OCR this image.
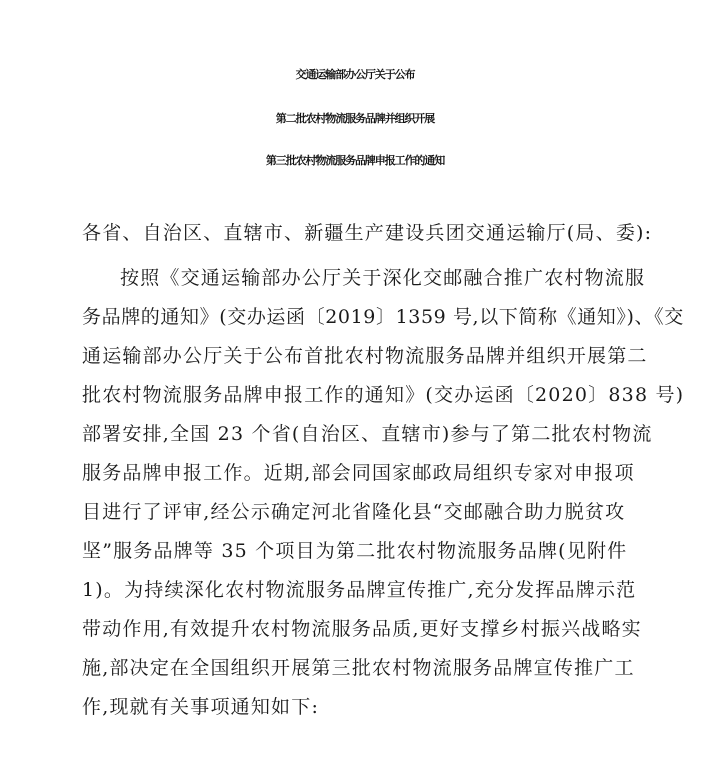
交通运输部办公厅关于公布
第二批农村物流服务品牌并组织开展
第三批农村物流服务品牌申报工作的通知
各省、自治区、直辖市、新疆生产建设兵团交通运输厅(局、委):
按照《交通运输部办公厅关于深化交邮融合推广农村物流服
务品牌的通知》(交办运函〔2019〕1359 号,以下简称《通知》)、《交
通运输部办公厅关于公布首批农村物流服务品牌并组织开展第二
批农村物流服务品牌申报工作的通知》(交办运函〔2020〕838 号)
部署安排,全国 23 个省(自治区、直辖市)参与了第二批农村物流
服务品牌申报工作。近期,部会同国家邮政局组织专家对申报项
目进行了评审,经公示确定河北省隆化县“交邮融合助力脱贫攻
坚”服务品牌等 35 个项目为第二批农村物流服务品牌(见附件
1)。为持续深化农村物流服务品牌宣传推广,充分发挥品牌示范
带动作用,有效提升农村物流服务品质,更好支撑乡村振兴战略实
施,部决定在全国组织开展第三批农村物流服务品牌宣传推广工
作,现就有关事项通知如下:
